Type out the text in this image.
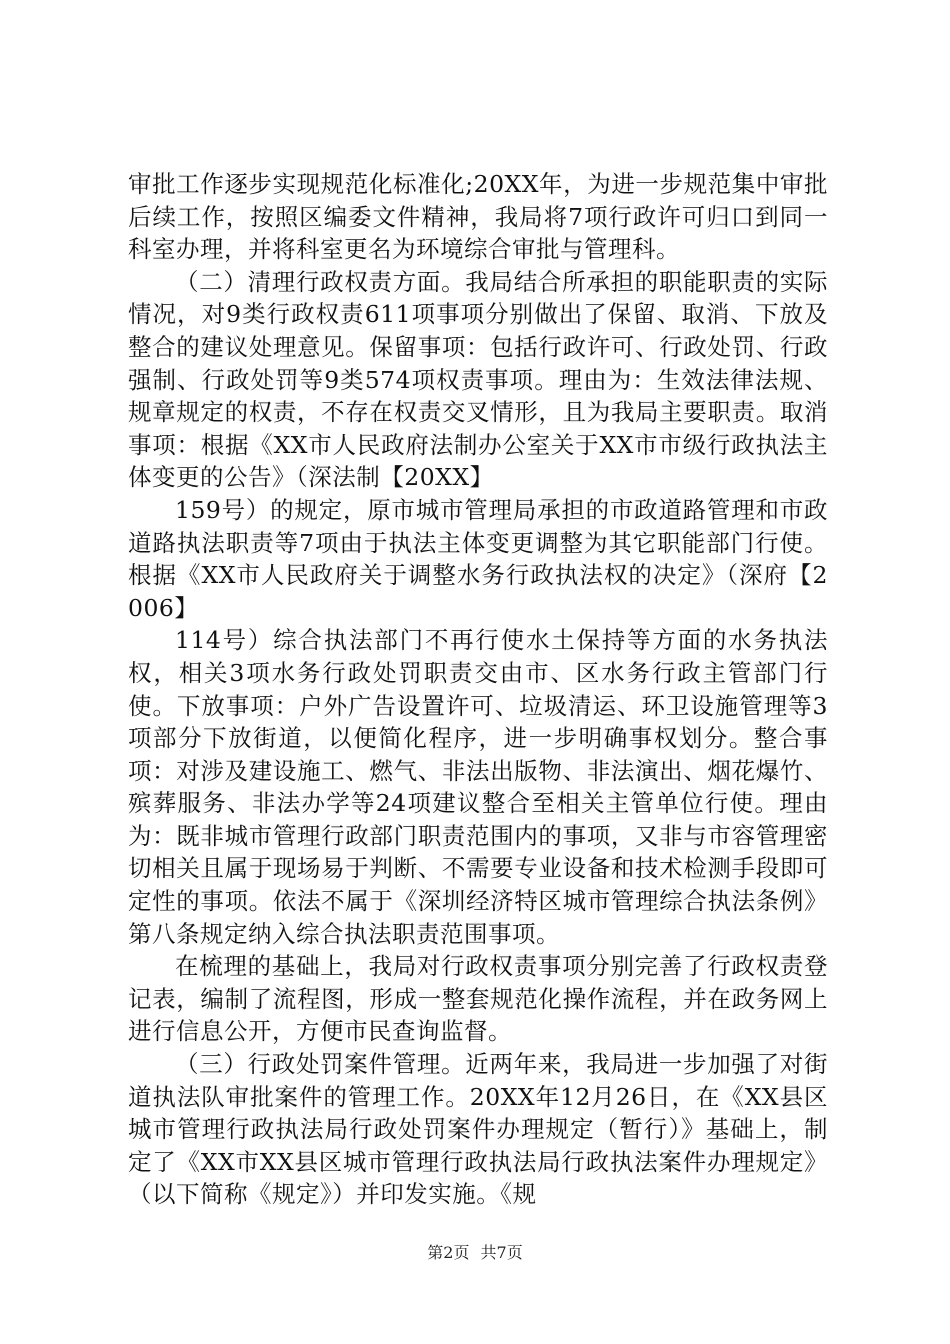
审批工作逐步实现规范化标准化;20XX年，为进一步规范集中审批后续工作，按照区编委文件精神，我局将7项行政许可归口到同一科室办理，并将科室更名为环境综合审批与管理科。

（二）清理行政权责方面。我局结合所承担的职能职责的实际情况，对9类行政权责611项事项分别做出了保留、取消、下放及整合的建议处理意见。保留事项：包括行政许可、行政处罚、行政强制、行政处罚等9类574项权责事项。理由为：生效法律法规、规章规定的权责，不存在权责交叉情形，且为我局主要职责。取消事项：根据《XX市人民政府法制办公室关于XX市市级行政执法主体变更的公告》（深法制【20XX】

159号）的规定，原市城市管理局承担的市政道路管理和市政道路执法职责等7项由于执法主体变更调整为其它职能部门行使。根据《XX市人民政府关于调整水务行政执法权的决定》（深府【2006】

114号）综合执法部门不再行使水土保持等方面的水务执法权，相关3项水务行政处罚职责交由市、区水务行政主管部门行使。下放事项：户外广告设置许可、垃圾清运、环卫设施管理等3项部分下放街道，以便简化程序，进一步明确事权划分。整合事项：对涉及建设施工、燃气、非法出版物、非法演出、烟花爆竹、殡葬服务、非法办学等24项建议整合至相关主管单位行使。理由为：既非城市管理行政部门职责范围内的事项，又非与市容管理密切相关且属于现场易于判断、不需要专业设备和技术检测手段即可定性的事项。依法不属于《深圳经济特区城市管理综合执法条例》第八条规定纳入综合执法职责范围事项。

在梳理的基础上，我局对行政权责事项分别完善了行政权责登记表，编制了流程图，形成一整套规范化操作流程，并在政务网上进行信息公开，方便市民查询监督。

（三）行政处罚案件管理。近两年来，我局进一步加强了对街道执法队审批案件的管理工作。20XX年12月26日，在《XX县区城市管理行政执法局行政处罚案件办理规定（暂行）》基础上，制定了《XX市XX县区城市管理行政执法局行政执法案件办理规定》（以下简称《规定》）并印发实施。《规

第2页 共7页
